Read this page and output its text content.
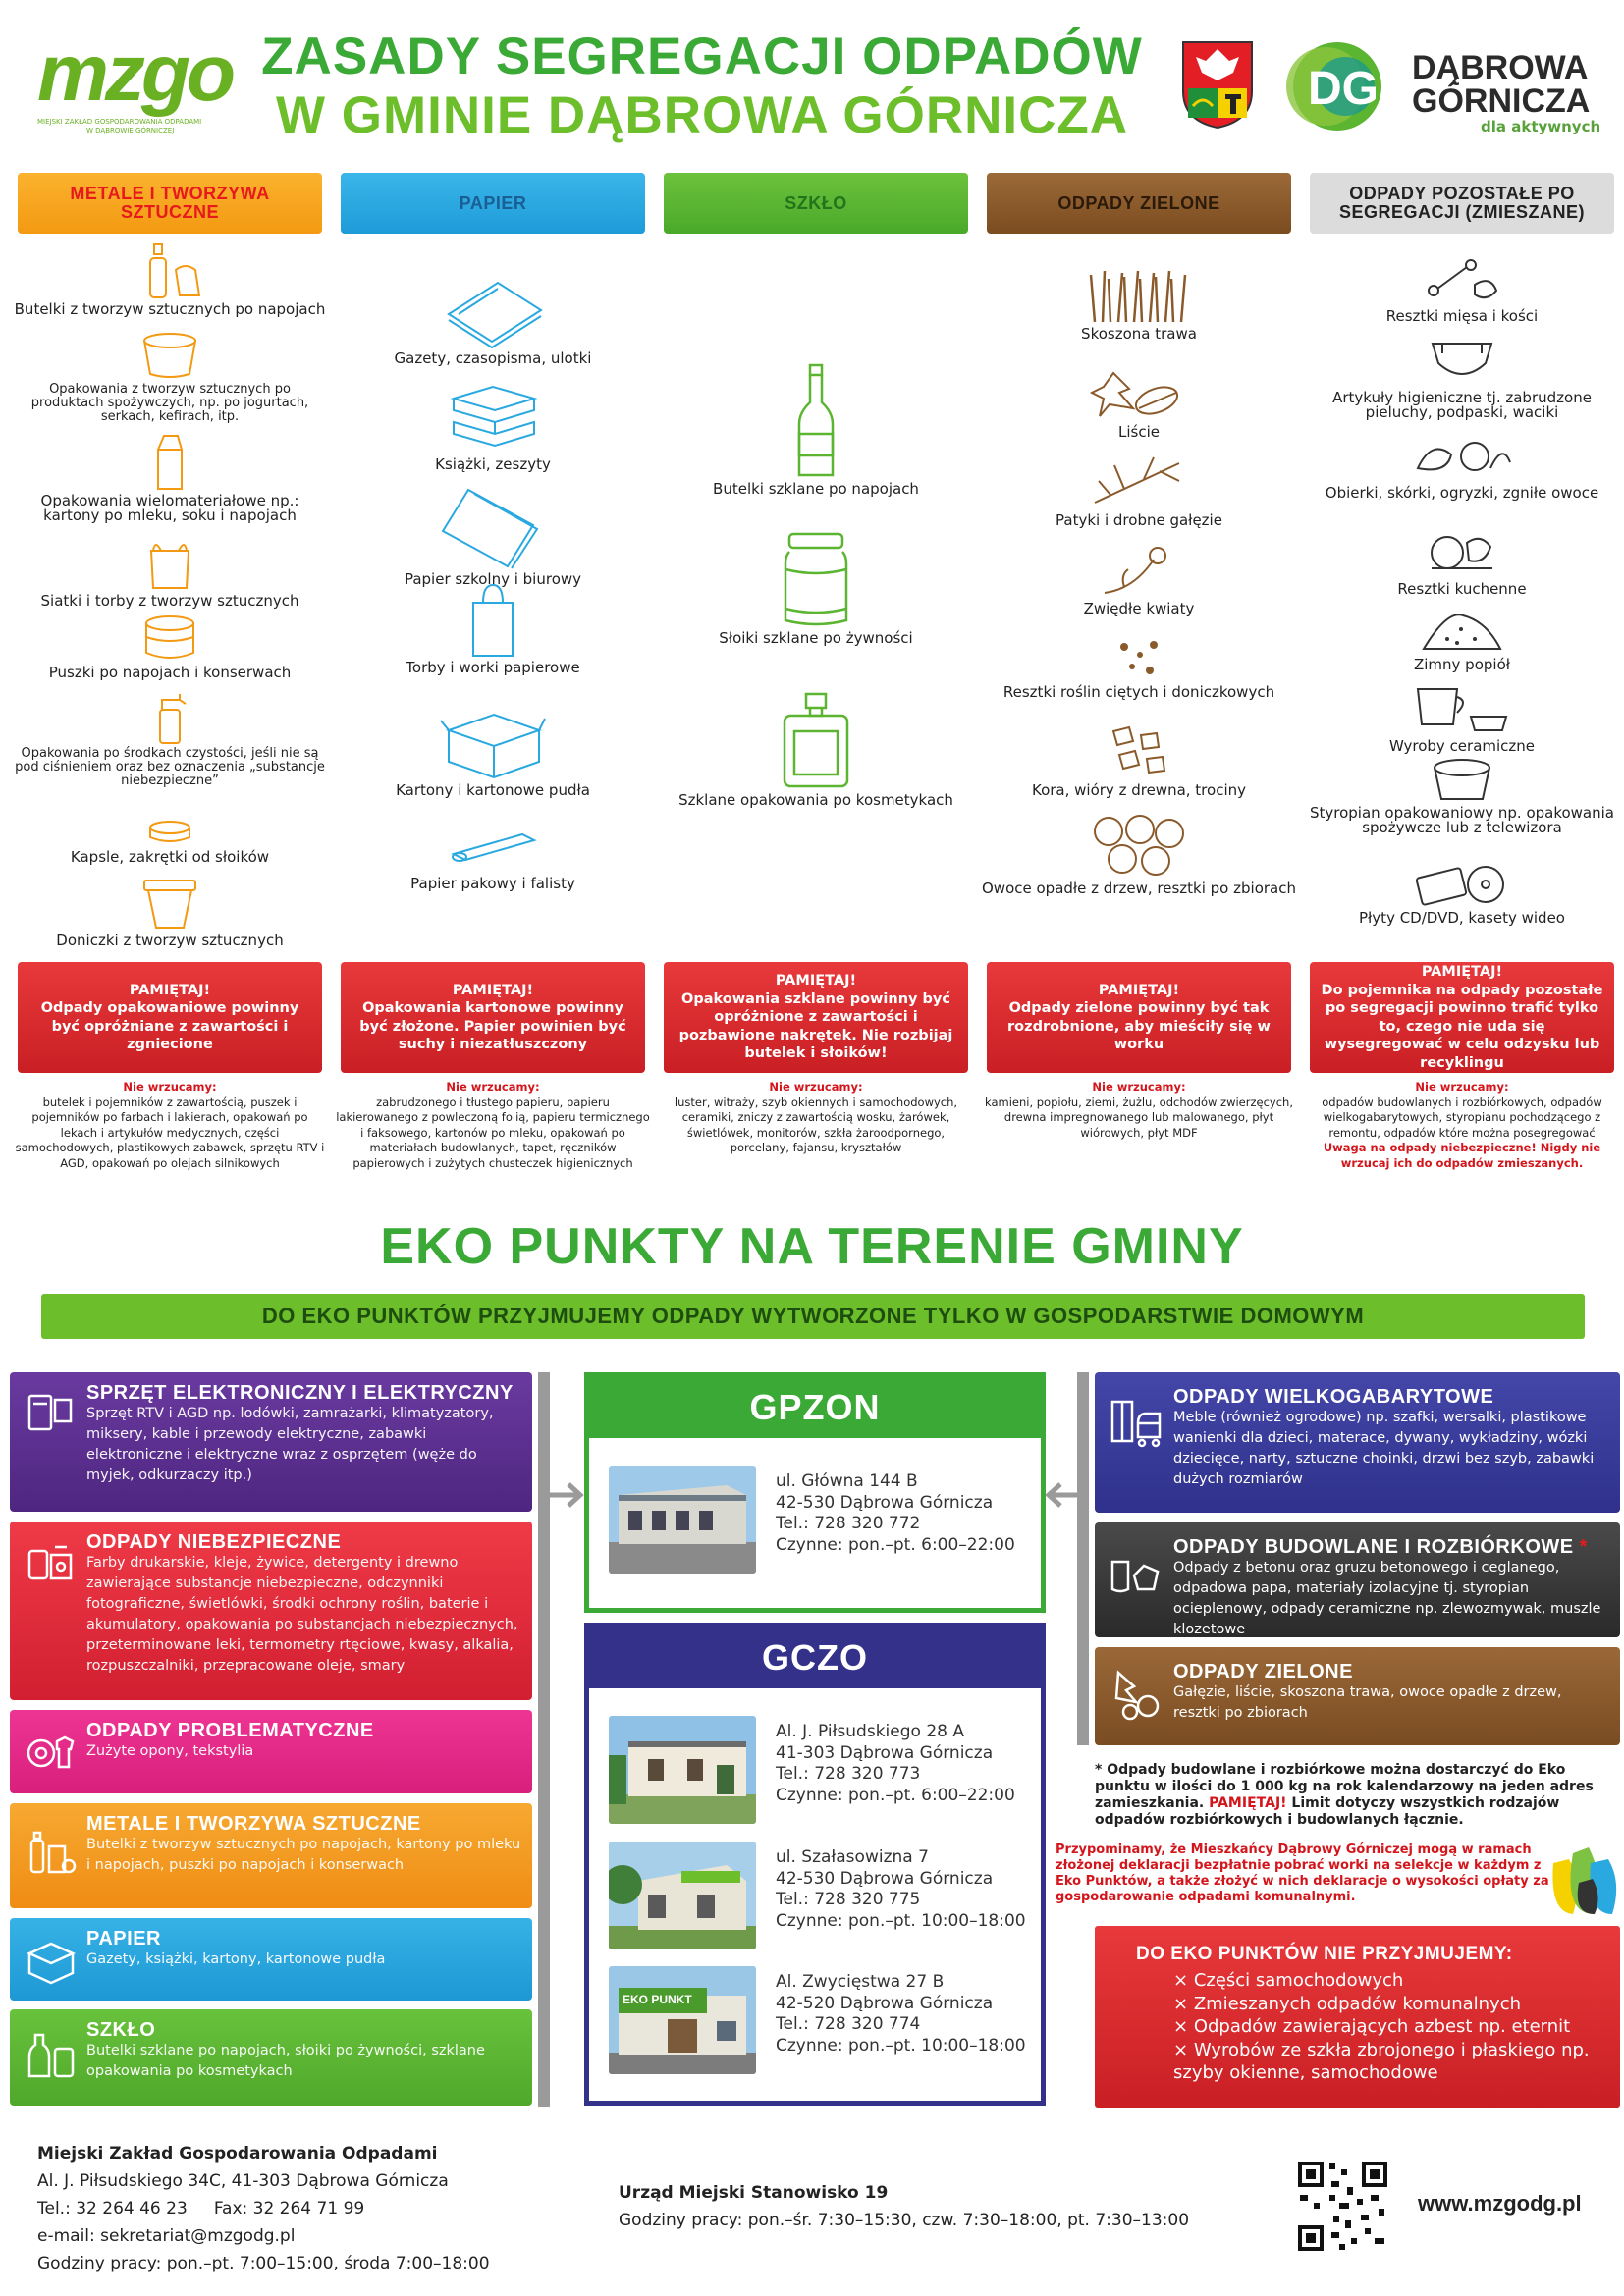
mzgo
MIEJSKI ZAKŁAD GOSPODAROWANIA ODPADAMI
W DĄBROWIE GÓRNICZEJ
ZASADY SEGREGACJI ODPADÓW
W GMINIE DĄBROWA GÓRNICZA	DG DĄBROWA
GÓRNICZA
dla aktywnych
METALE I TWORZYWA SZTUCZNE	PAPIER	SZKŁO	ODPADY ZIELONE	ODPADY POZOSTAŁE PO SEGREGACJI (ZMIESZANE)
Butelki z tworzyw sztucznych po napojach
Opakowania z tworzyw sztucznych po produktach spożywczych, np. po jogurtach, serkach, kefirach, itp.
Opakowania wielomateriałowe np.: kartony po mleku, soku i napojach
Siatki i torby z tworzyw sztucznych
Puszki po napojach i konserwach
Opakowania po środkach czystości, jeśli nie są pod ciśnieniem oraz bez oznaczenia „substancje niebezpieczne”
Kapsle, zakrętki od słoików
Doniczki z tworzyw sztucznych
Gazety, czasopisma, ulotki
Książki, zeszyty
Papier szkolny i biurowy
Torby i worki papierowe
Kartony i kartonowe pudła
Papier pakowy i falisty
Butelki szklane po napojach
Słoiki szklane po żywności
Szklane opakowania po kosmetykach
Skoszona trawa
Liście
Patyki i drobne gałęzie
Zwiędłe kwiaty
Resztki roślin ciętych i doniczkowych
Kora, wióry z drewna, trociny
Owoce opadłe z drzew, resztki po zbiorach
Resztki mięsa i kości
Artykuły higieniczne tj. zabrudzone pieluchy, podpaski, waciki
Obierki, skórki, ogryzki, zgniłe owoce
Resztki kuchenne
Zimny popiół
Wyroby ceramiczne
Styropian opakowaniowy np. opakowania spożywcze lub z telewizora
Płyty CD/DVD, kasety wideo
PAMIĘTAJ!
Odpady opakowaniowe powinny być opróżniane z zawartości i zgniecione
PAMIĘTAJ!
Opakowania kartonowe powinny być złożone. Papier powinien być suchy i niezatłuszczony
PAMIĘTAJ!
Opakowania szklane powinny być opróżnione z zawartości i pozbawione nakrętek. Nie rozbijaj butelek i słoików!
PAMIĘTAJ!
Odpady zielone powinny być tak rozdrobnione, aby mieściły się w worku
PAMIĘTAJ!
Do pojemnika na odpady pozostałe po segregacji powinno trafić tylko to, czego nie uda się wysegregować w celu odzysku lub recyklingu
Nie wrzucamy:
butelek i pojemników z zawartością, puszek i pojemników po farbach i lakierach, opakowań po lekach i artykułów medycznych, części samochodowych, plastikowych zabawek, sprzętu RTV i AGD, opakowań po olejach silnikowych
Nie wrzucamy:
zabrudzonego i tłustego papieru, papieru lakierowanego z powleczoną folią, papieru termicznego i faksowego, kartonów po mleku, opakowań po materiałach budowlanych, tapet, ręczników papierowych i zużytych chusteczek higienicznych
Nie wrzucamy:
luster, witraży, szyb okiennych i samochodowych, ceramiki, zniczy z zawartością wosku, żarówek, świetlówek, monitorów, szkła żaroodpornego, porcelany, fajansu, kryształów
Nie wrzucamy:
kamieni, popiołu, ziemi, żużlu, odchodów zwierzęcych, drewna impregnowanego lub malowanego, płyt wiórowych, płyt MDF
Nie wrzucamy:
odpadów budowlanych i rozbiórkowych, odpadów wielkogabarytowych, styropianu pochodzącego z remontu, odpadów które można posegregować
Uwaga na odpady niebezpieczne! Nigdy nie wrzucaj ich do odpadów zmieszanych.
EKO PUNKTY NA TERENIE GMINY
DO EKO PUNKTÓW PRZYJMUJEMY ODPADY WYTWORZONE TYLKO W GOSPODARSTWIE DOMOWYM
SPRZĘT ELEKTRONICZNY I ELEKTRYCZNY
Sprzęt RTV i AGD np. lodówki, zamrażarki, klimatyzatory, miksery, kable i przewody elektryczne, zabawki elektroniczne i elektryczne wraz z osprzętem (węże do myjek, odkurzaczy itp.)
ODPADY NIEBEZPIECZNE
Farby drukarskie, kleje, żywice, detergenty i drewno zawierające substancje niebezpieczne, odczynniki fotograficzne, świetlówki, środki ochrony roślin, baterie i akumulatory, opakowania po substancjach niebezpiecznych, przeterminowane leki, termometry rtęciowe, kwasy, alkalia, rozpuszczalniki, przepracowane oleje, smary
ODPADY PROBLEMATYCZNE
Zużyte opony, tekstylia
METALE I TWORZYWA SZTUCZNE
Butelki z tworzyw sztucznych po napojach, kartony po mleku i napojach, puszki po napojach i konserwach
PAPIER
Gazety, książki, kartony, kartonowe pudła
SZKŁO
Butelki szklane po napojach, słoiki po żywności, szklane opakowania po kosmetykach
GPZON
ul. Główna 144 B
42-530 Dąbrowa Górnicza
Tel.: 728 320 772
Czynne: pon.–pt. 6:00–22:00
GCZO
Al. J. Piłsudskiego 28 A
41-303 Dąbrowa Górnicza
Tel.: 728 320 773
Czynne: pon.–pt. 6:00–22:00
ul. Szałasowizna 7
42-530 Dąbrowa Górnicza
Tel.: 728 320 775
Czynne: pon.–pt. 10:00–18:00
EKO PUNKT
Al. Zwycięstwa 27 B
42-520 Dąbrowa Górnicza
Tel.: 728 320 774
Czynne: pon.–pt. 10:00–18:00
ODPADY WIELKOGABARYTOWE
Meble (również ogrodowe) np. szafki, wersalki, plastikowe wanienki dla dzieci, materace, dywany, wykładziny, wózki dziecięce, narty, sztuczne choinki, drzwi bez szyb, zabawki dużych rozmiarów
ODPADY BUDOWLANE I ROZBIÓRKOWE *
Odpady z betonu oraz gruzu betonowego i ceglanego, odpadowa papa, materiały izolacyjne tj. styropian ocieplenowy, odpady ceramiczne np. zlewozmywak, muszle klozetowe
ODPADY ZIELONE
Gałęzie, liście, skoszona trawa, owoce opadłe z drzew, resztki po zbiorach
* Odpady budowlane i rozbiórkowe można dostarczyć do Eko punktu w ilości do 1 000 kg na rok kalendarzowy na jeden adres zamieszkania. PAMIĘTAJ! Limit dotyczy wszystkich rodzajów odpadów rozbiórkowych i budowlanych łącznie.
Przypominamy, że Mieszkańcy Dąbrowy Górniczej mogą w ramach złożonej deklaracji bezpłatnie pobrać worki na selekcje w każdym z Eko Punktów, a także złożyć w nich deklaracje o wysokości opłaty za gospodarowanie odpadami komunalnymi.
DO EKO PUNKTÓW NIE PRZYJMUJEMY:
× Części samochodowych
× Zmieszanych odpadów komunalnych
× Odpadów zawierających azbest np. eternit
× Wyrobów ze szkła zbrojonego i płaskiego np. szyby okienne, samochodowe
Miejski Zakład Gospodarowania Odpadami
Al. J. Piłsudskiego 34C, 41-303 Dąbrowa Górnicza
Tel.: 32 264 46 23 Fax: 32 264 71 99
e-mail: sekretariat@mzgodg.pl
Godziny pracy: pon.–pt. 7:00–15:00, środa 7:00–18:00
Urząd Miejski Stanowisko 19
Godziny pracy: pon.–śr. 7:30–15:30, czw. 7:30–18:00, pt. 7:30–13:00
www.mzgodg.pl
